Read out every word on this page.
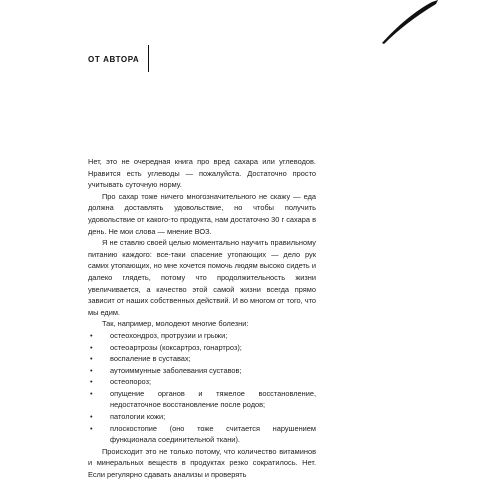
ОТ АВТОРА

Нет, это не очередная книга про вред сахара или углеводов. Нравится есть углеводы — пожалуйста. Достаточно просто учитывать суточную норму.

Про сахар тоже ничего многозначительного не скажу — еда должна доставлять удовольствие, но чтобы получить удовольствие от какого-то продукта, нам достаточно 30 г сахара в день. Не мои слова — мнение ВОЗ.

Я не ставлю своей целью моментально научить правильному питанию каждого: все-таки спасение утопающих — дело рук самих утопающих, но мне хочется помочь людям высоко сидеть и далеко глядеть, потому что продолжительность жизни увеличивается, а качество этой самой жизни всегда прямо зависит от наших собственных действий. И во многом от того, что мы едим.

Так, например, молодеют многие болезни:

• остеохондроз, протрузии и грыжи;
• остеоартрозы (коксартроз, гонартроз);
• воспаление в суставах;
• аутоиммунные заболевания суставов;
• остеопороз;
• опущение органов и тяжелое восстановление, недостаточное восстановление после родов;
• патологии кожи;
• плоскостопие (оно тоже считается нарушением функционала соединительной ткани).

Происходит это не только потому, что количество витаминов и минеральных веществ в продуктах резко сократилось. Нет. Если регулярно сдавать анализы и проверять
